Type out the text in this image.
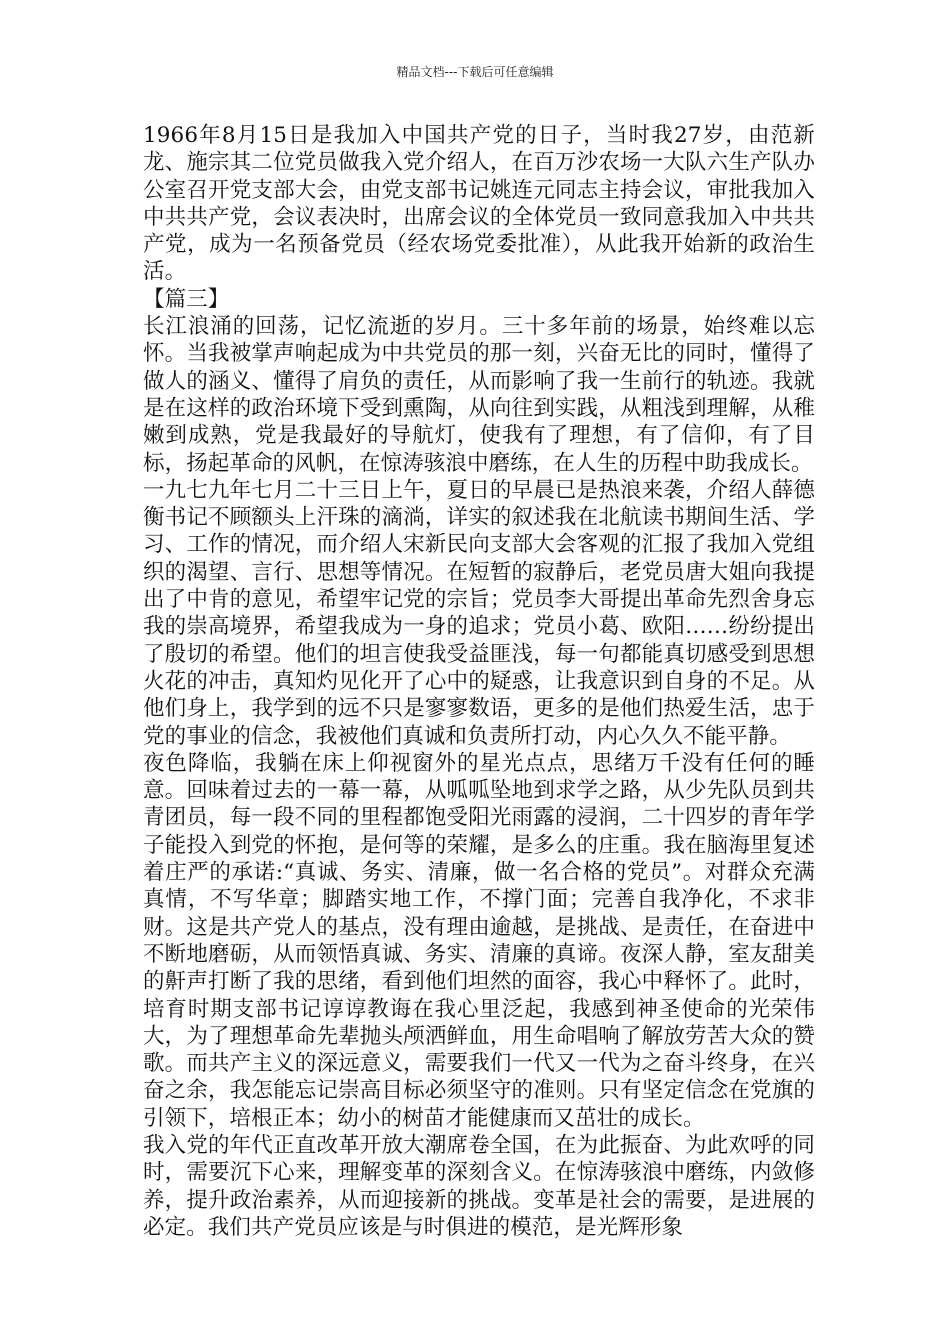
精品文档---下载后可任意编辑

1966年8月15日是我加入中国共产党的日子，当时我27岁，由范新龙、施宗其二位党员做我入党介绍人，在百万沙农场一大队六生产队办公室召开党支部大会，由党支部书记姚连元同志主持会议，审批我加入中共共产党，会议表决时，出席会议的全体党员一致同意我加入中共共产党，成为一名预备党员（经农场党委批准），从此我开始新的政治生活。

【篇三】

长江浪涌的回荡，记忆流逝的岁月。三十多年前的场景，始终难以忘怀。当我被掌声响起成为中共党员的那一刻，兴奋无比的同时，懂得了做人的涵义、懂得了肩负的责任，从而影响了我一生前行的轨迹。我就是在这样的政治环境下受到熏陶，从向往到实践，从粗浅到理解，从稚嫩到成熟，党是我最好的导航灯，使我有了理想，有了信仰，有了目标，扬起革命的风帆，在惊涛骇浪中磨练，在人生的历程中助我成长。

一九七九年七月二十三日上午，夏日的早晨已是热浪来袭，介绍人薛德衡书记不顾额头上汗珠的滴淌，详实的叙述我在北航读书期间生活、学习、工作的情况，而介绍人宋新民向支部大会客观的汇报了我加入党组织的渴望、言行、思想等情况。在短暂的寂静后，老党员唐大姐向我提出了中肯的意见，希望牢记党的宗旨；党员李大哥提出革命先烈舍身忘我的崇高境界，希望我成为一身的追求；党员小葛、欧阳……纷纷提出了殷切的希望。他们的坦言使我受益匪浅，每一句都能真切感受到思想火花的冲击，真知灼见化开了心中的疑惑，让我意识到自身的不足。从他们身上，我学到的远不只是寥寥数语，更多的是他们热爱生活，忠于党的事业的信念，我被他们真诚和负责所打动，内心久久不能平静。

夜色降临，我躺在床上仰视窗外的星光点点，思绪万千没有任何的睡意。回味着过去的一幕一幕，从呱呱坠地到求学之路，从少先队员到共青团员，每一段不同的里程都饱受阳光雨露的浸润，二十四岁的青年学子能投入到党的怀抱，是何等的荣耀，是多么的庄重。我在脑海里复述着庄严的承诺:“真诚、务实、清廉，做一名合格的党员”。对群众充满真情，不写华章；脚踏实地工作，不撑门面；完善自我净化，不求非财。这是共产党人的基点，没有理由逾越，是挑战、是责任，在奋进中不断地磨砺，从而领悟真诚、务实、清廉的真谛。夜深人静，室友甜美的鼾声打断了我的思绪，看到他们坦然的面容，我心中释怀了。此时，培育时期支部书记谆谆教诲在我心里泛起，我感到神圣使命的光荣伟大，为了理想革命先辈抛头颅洒鲜血，用生命唱响了解放劳苦大众的赞歌。而共产主义的深远意义，需要我们一代又一代为之奋斗终身，在兴奋之余，我怎能忘记崇高目标必须坚守的准则。只有坚定信念在党旗的引领下，培根正本；幼小的树苗才能健康而又茁壮的成长。

我入党的年代正直改革开放大潮席卷全国，在为此振奋、为此欢呼的同时，需要沉下心来，理解变革的深刻含义。在惊涛骇浪中磨练，内敛修养，提升政治素养，从而迎接新的挑战。变革是社会的需要，是进展的必定。我们共产党员应该是与时俱进的模范，是光辉形象
